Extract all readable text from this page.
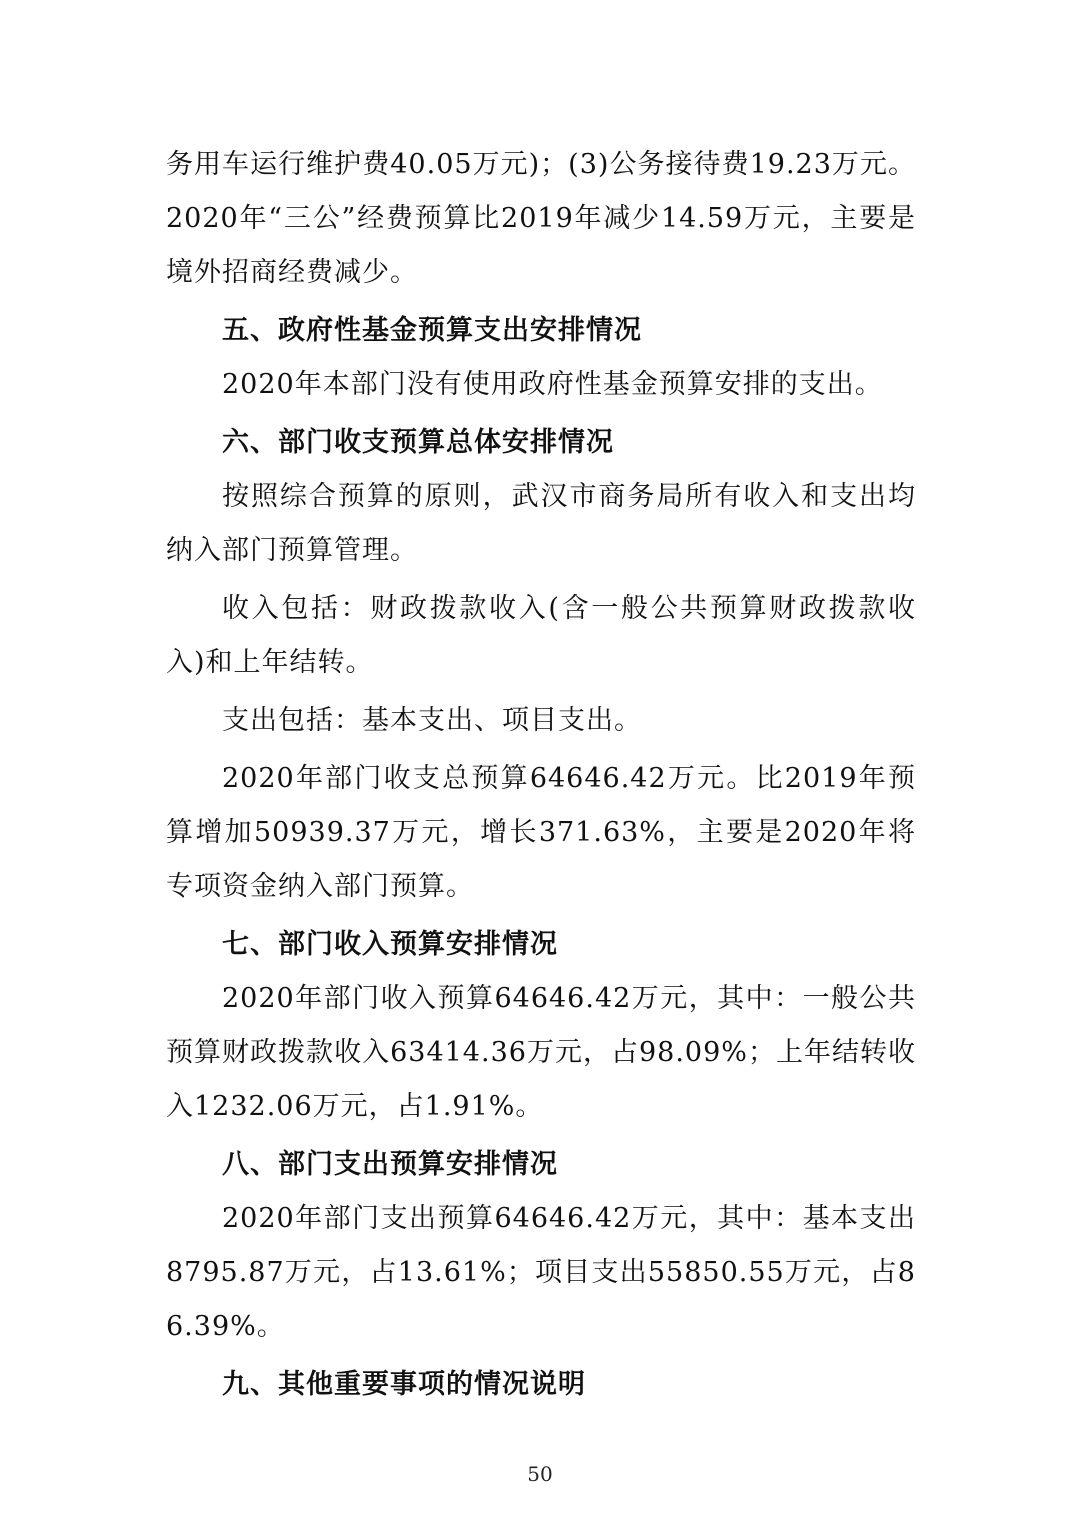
务用车运行维护费40.05万元)；(3)公务接待费19.23万元。2020年“三公”经费预算比2019年减少14.59万元，主要是境外招商经费减少。

五、政府性基金预算支出安排情况

2020年本部门没有使用政府性基金预算安排的支出。

六、部门收支预算总体安排情况

按照综合预算的原则，武汉市商务局所有收入和支出均纳入部门预算管理。

收入包括：财政拨款收入(含一般公共预算财政拨款收入)和上年结转。

支出包括：基本支出、项目支出。

2020年部门收支总预算64646.42万元。比2019年预算增加50939.37万元，增长371.63%，主要是2020年将专项资金纳入部门预算。

七、部门收入预算安排情况

2020年部门收入预算64646.42万元，其中：一般公共预算财政拨款收入63414.36万元，占98.09%；上年结转收入1232.06万元，占1.91%。

八、部门支出预算安排情况

2020年部门支出预算64646.42万元，其中：基本支出8795.87万元，占13.61%；项目支出55850.55万元，占86.39%。

九、其他重要事项的情况说明

50
